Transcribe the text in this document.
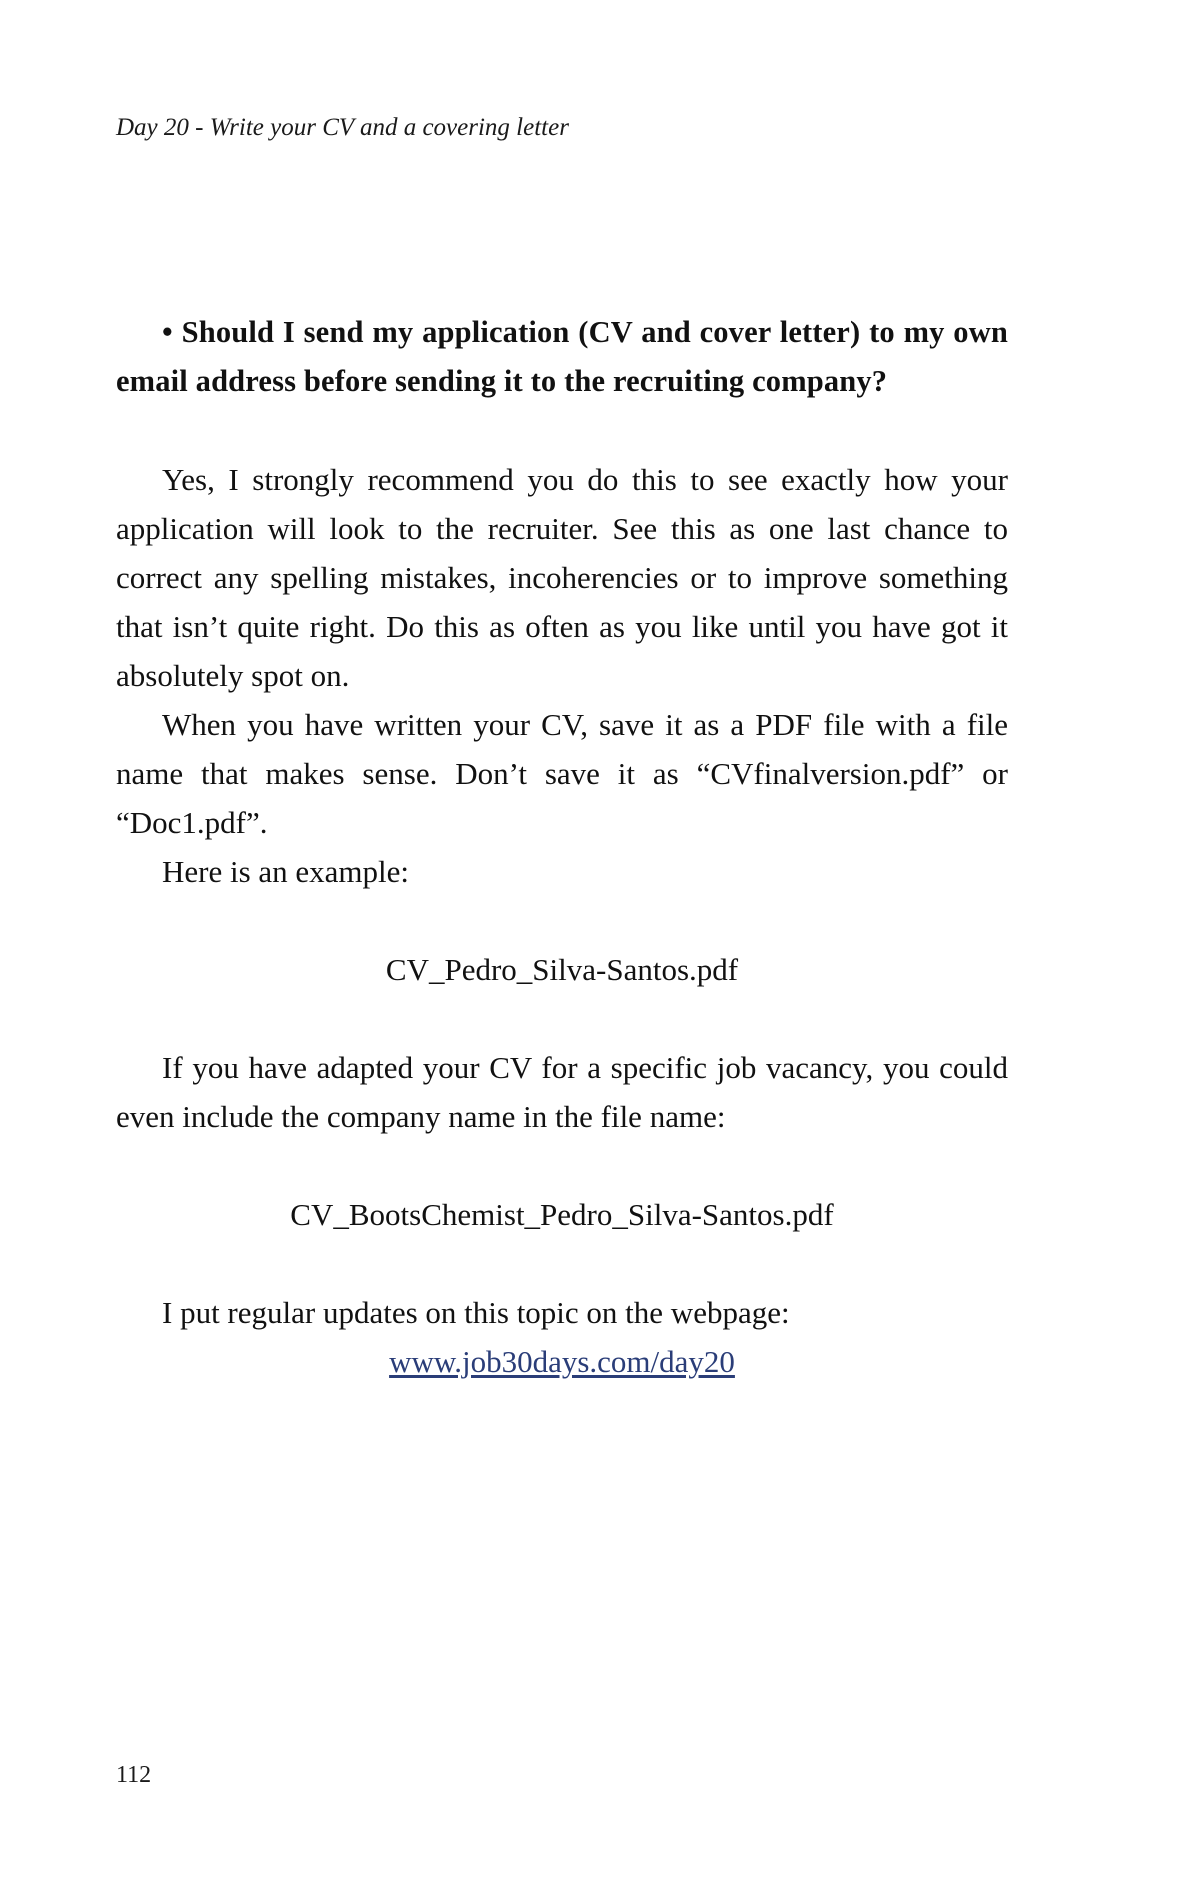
Day 20 - Write your CV and a covering letter

• Should I send my application (CV and cover letter) to my own email address before sending it to the recruiting company?

Yes, I strongly recommend you do this to see exactly how your application will look to the recruiter. See this as one last chance to correct any spelling mistakes, incoherencies or to improve something that isn’t quite right. Do this as often as you like until you have got it absolutely spot on.

When you have written your CV, save it as a PDF file with a file name that makes sense. Don’t save it as “CVfinalversion.pdf” or “Doc1.pdf”.

Here is an example:

CV_Pedro_Silva-Santos.pdf

If you have adapted your CV for a specific job vacancy, you could even include the company name in the file name:

CV_BootsChemist_Pedro_Silva-Santos.pdf

I put regular updates on this topic on the webpage:

www.job30days.com/day20

112
